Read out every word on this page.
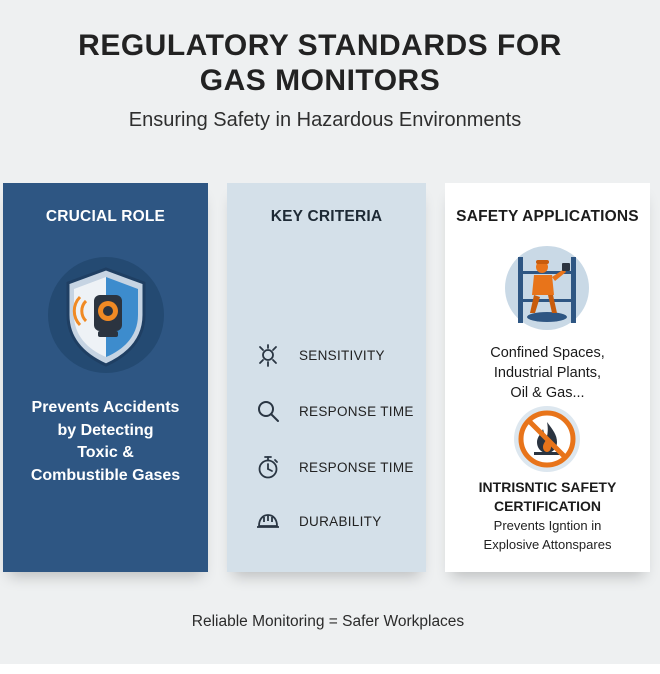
REGULATORY STANDARDS FOR
GAS MONITORS
Ensuring Safety in Hazardous Environments
CRUCIAL ROLE
Prevents Accidents
by Detecting
Toxic &
Combustible Gases
KEY CRITERIA
SENSITIVITY
RESPONSE TIME
RESPONSE TIME
DURABILITY
SAFETY APPLICATIONS
Confined Spaces,
Industrial Plants,
Oil & Gas...
INTRISNTIC SAFETY
CERTIFICATION
Prevents Igntion in
Explosive Attonspares
Reliable Monitoring = Safer Workplaces
